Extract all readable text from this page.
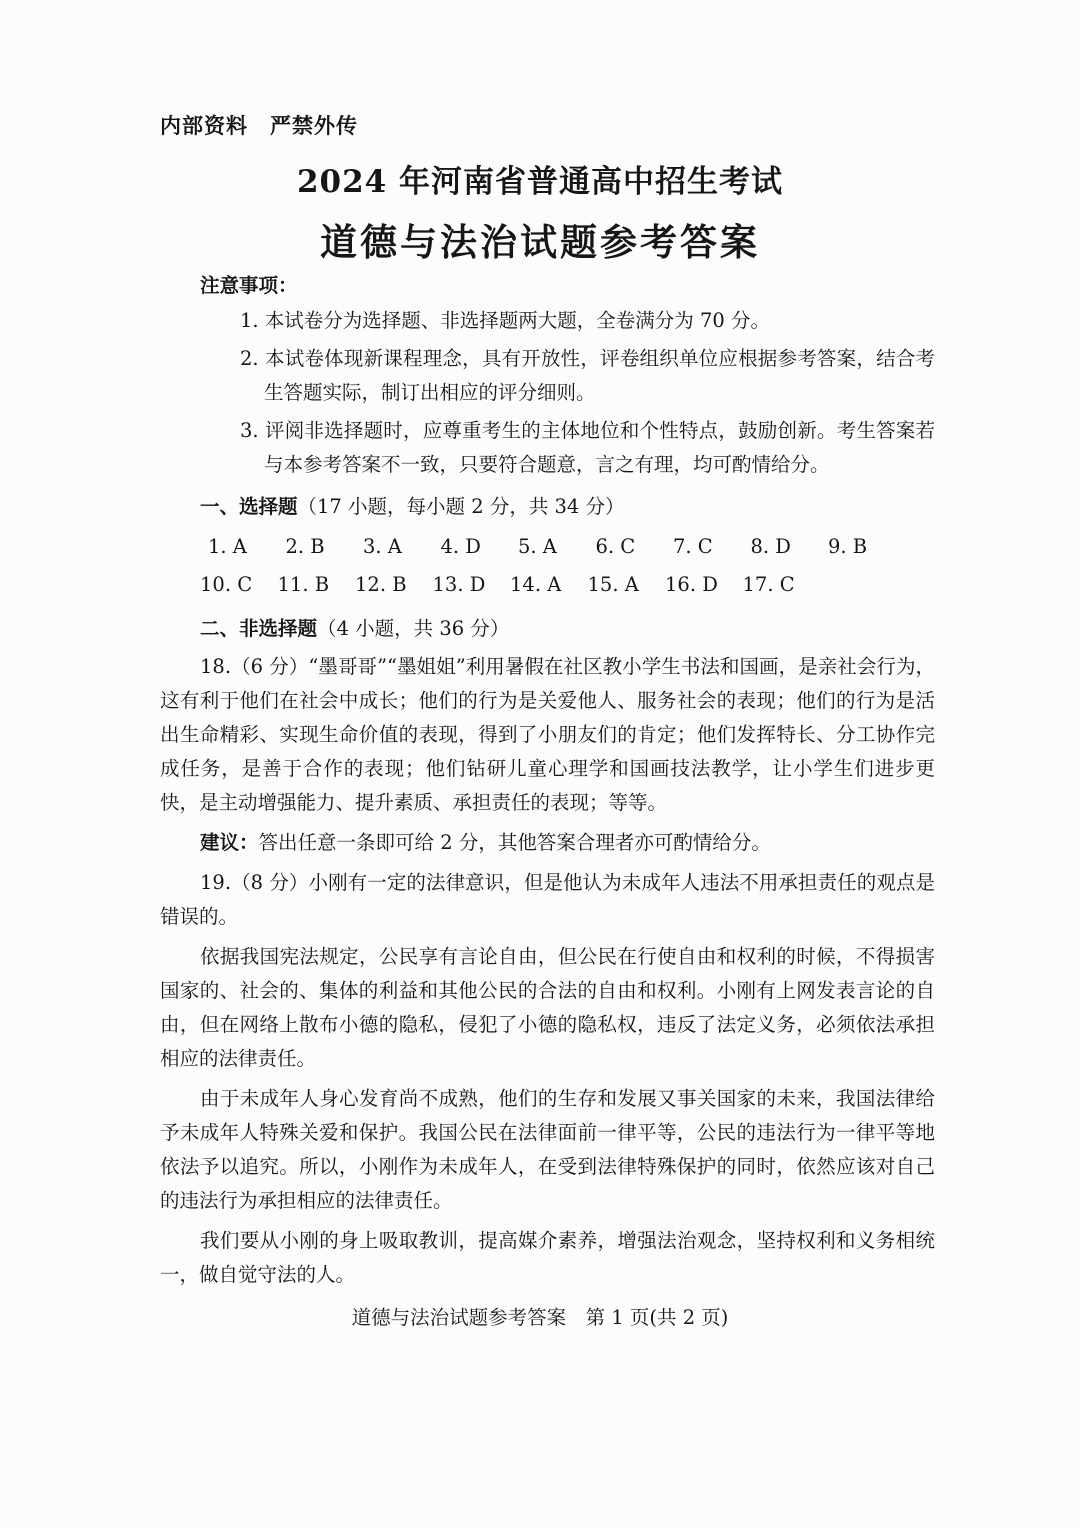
内部资料　严禁外传
2024 年河南省普通高中招生考试
道德与法治试题参考答案
注意事项：
1. 本试卷分为选择题、非选择题两大题，全卷满分为 70 分。
2. 本试卷体现新课程理念，具有开放性，评卷组织单位应根据参考答案，结合考生答题实际，制订出相应的评分细则。
3. 评阅非选择题时，应尊重考生的主体地位和个性特点，鼓励创新。考生答案若与本参考答案不一致，只要符合题意，言之有理，均可酌情给分。
一、选择题（17 小题，每小题 2 分，共 34 分）
1. A	2. B	3. A	4. D	5. A	6. C	7. C	8. D	9. B
10. C	11. B	12. B	13. D	14. A	15. A	16. D	17. C
二、非选择题（4 小题，共 36 分）
18.（6 分）“墨哥哥”“墨姐姐”利用暑假在社区教小学生书法和国画，是亲社会行为，这有利于他们在社会中成长；他们的行为是关爱他人、服务社会的表现；他们的行为是活出生命精彩、实现生命价值的表现，得到了小朋友们的肯定；他们发挥特长、分工协作完成任务，是善于合作的表现；他们钻研儿童心理学和国画技法教学，让小学生们进步更快，是主动增强能力、提升素质、承担责任的表现；等等。
建议：答出任意一条即可给 2 分，其他答案合理者亦可酌情给分。
19.（8 分）小刚有一定的法律意识，但是他认为未成年人违法不用承担责任的观点是错误的。
依据我国宪法规定，公民享有言论自由，但公民在行使自由和权利的时候，不得损害国家的、社会的、集体的利益和其他公民的合法的自由和权利。小刚有上网发表言论的自由，但在网络上散布小德的隐私，侵犯了小德的隐私权，违反了法定义务，必须依法承担相应的法律责任。
由于未成年人身心发育尚不成熟，他们的生存和发展又事关国家的未来，我国法律给予未成年人特殊关爱和保护。我国公民在法律面前一律平等，公民的违法行为一律平等地依法予以追究。所以，小刚作为未成年人，在受到法律特殊保护的同时，依然应该对自己的违法行为承担相应的法律责任。
我们要从小刚的身上吸取教训，提高媒介素养，增强法治观念，坚持权利和义务相统一，做自觉守法的人。
道德与法治试题参考答案　第 1 页(共 2 页)
